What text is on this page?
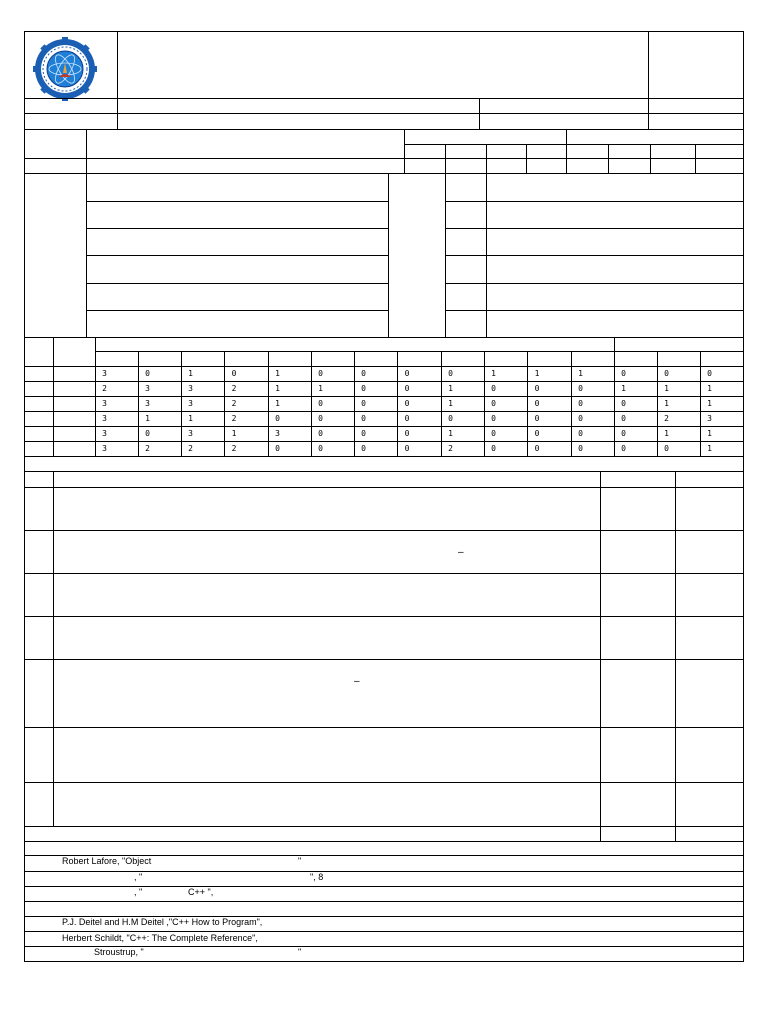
3	0	1	0	1	0	0	0	0	1	1	1	0	0	0
2	3	3	2	1	1	0	0	1	0	0	0	1	1	1
3	3	3	2	1	0	0	0	1	0	0	0	0	1	1
3	1	1	2	0	0	0	0	0	0	0	0	0	2	3
3	0	3	1	3	0	0	0	1	0	0	0	0	1	1
3	2	2	2	0	0	0	0	2	0	0	0	0	0	1
–
–
Robert Lafore, "Object	"
, "	", 8
, "	C++ ",
P.J. Deitel and H.M Deitel ,"C++ How to Program",
Herbert Schildt, "C++: The Complete Reference",
Stroustrup, "	"
